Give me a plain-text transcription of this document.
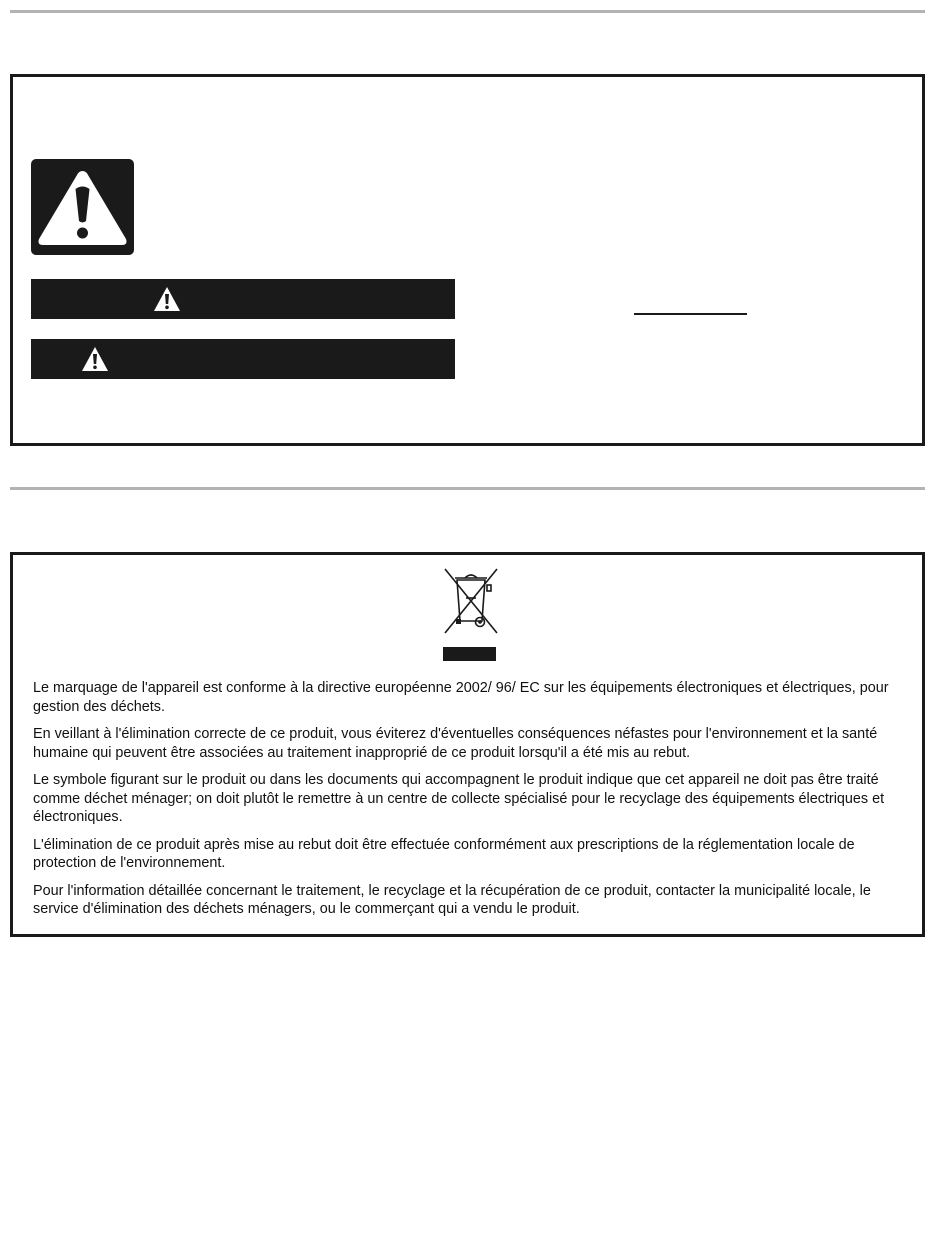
Le marquage de l'appareil est conforme à la directive européenne 2002/ 96/ EC sur les équipements électroniques et électriques, pour gestion des déchets.

En veillant à l'élimination correcte de ce produit, vous éviterez d'éventuelles conséquences néfastes pour l'environnement et la santé humaine qui peuvent être associées au traitement inapproprié de ce produit lorsqu'il a été mis au rebut.

Le symbole figurant sur le produit ou dans les documents qui accompagnent le produit indique que cet appareil ne doit pas être traité comme déchet ménager; on doit plutôt le remettre à un centre de collecte spécialisé pour le recyclage des équipements électriques et électroniques.

L'élimination de ce produit après mise au rebut doit être effectuée conformément aux prescriptions de la réglementation locale de protection de l'environnement.

Pour l'information détaillée concernant le traitement, le recyclage et la récupération de ce produit, contacter la municipalité locale, le service d'élimination des déchets ménagers, ou le commerçant qui a vendu le produit.
